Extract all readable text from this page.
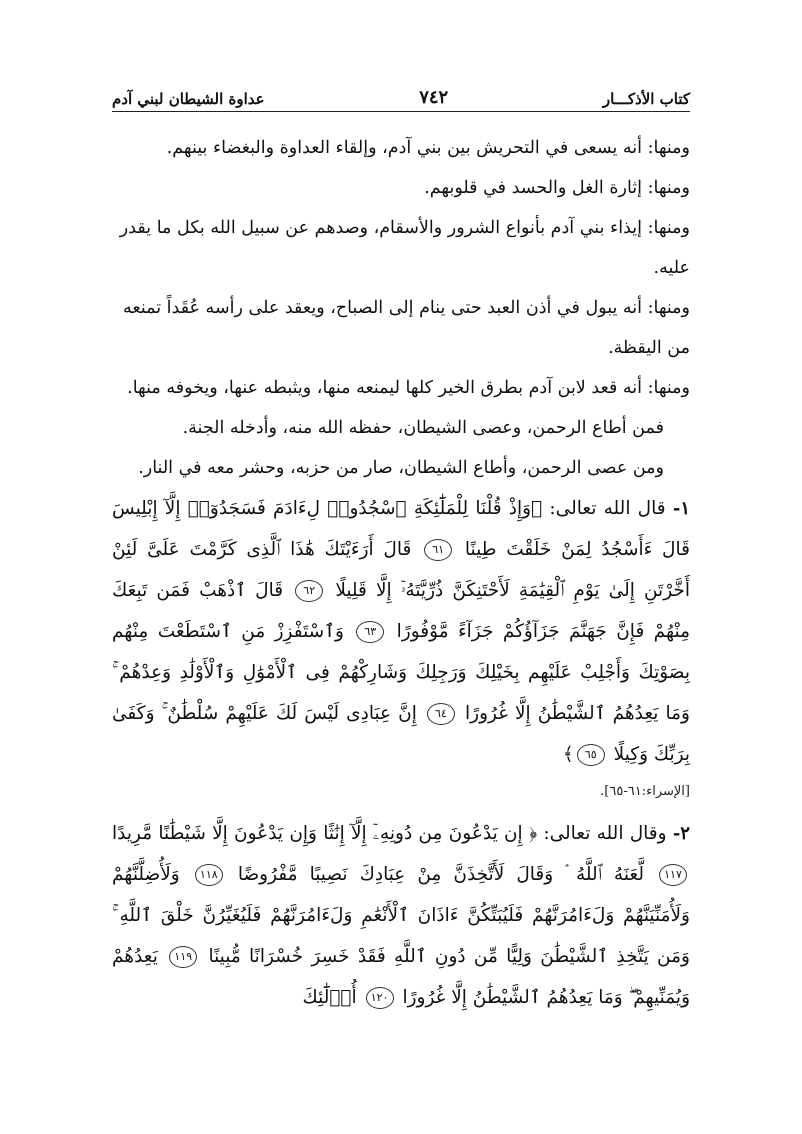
كتاب الأذكـــار
٧٤٢
عداوة الشيطان لبني آدم

ومنها: أنه يسعى في التحريش بين بني آدم، وإلقاء العداوة والبغضاء بينهم.

ومنها: إثارة الغل والحسد في قلوبهم.

ومنها: إيذاء بني آدم بأنواع الشرور والأسقام، وصدهم عن سبيل الله بكل ما يقدر عليه.

ومنها: أنه يبول في أذن العبد حتى ينام إلى الصباح، ويعقد على رأسه عُقَداً تمنعه من اليقظة.

ومنها: أنه قعد لابن آدم بطرق الخير كلها ليمنعه منها، ويثبطه عنها، ويخوفه منها.

فمن أطاع الرحمن، وعصى الشيطان، حفظه الله منه، وأدخله الجنة.

ومن عصى الرحمن، وأطاع الشيطان، صار من حزبه، وحشر معه في النار.

١- قال الله تعالى: ﴿وَإِذْ قُلْنَا لِلْمَلَٰٓئِكَةِ ٱسْجُدُوا۟ لِءَادَمَ فَسَجَدُوٓا۟ إِلَّآ إِبْلِيسَ قَالَ ءَأَسْجُدُ لِمَنْ خَلَقْتَ طِينًا ٦١ قَالَ أَرَءَيْتَكَ هَٰذَا ٱلَّذِى كَرَّمْتَ عَلَىَّ لَئِنْ أَخَّرْتَنِ إِلَىٰ يَوْمِ ٱلْقِيَٰمَةِ لَأَحْتَنِكَنَّ ذُرِّيَّتَهُۥٓ إِلَّا قَلِيلًا ٦٢ قَالَ ٱذْهَبْ فَمَن تَبِعَكَ مِنْهُمْ فَإِنَّ جَهَنَّمَ جَزَآؤُكُمْ جَزَآءً مَّوْفُورًا ٦٣ وَٱسْتَفْزِزْ مَنِ ٱسْتَطَعْتَ مِنْهُم بِصَوْتِكَ وَأَجْلِبْ عَلَيْهِم بِخَيْلِكَ وَرَجِلِكَ وَشَارِكْهُمْ فِى ٱلْأَمْوَٰلِ وَٱلْأَوْلَٰدِ وَعِدْهُمْ ۚ وَمَا يَعِدُهُمُ ٱلشَّيْطَٰنُ إِلَّا غُرُورًا ٦٤ إِنَّ عِبَادِى لَيْسَ لَكَ عَلَيْهِمْ سُلْطَٰنٌ ۚ وَكَفَىٰ بِرَبِّكَ وَكِيلًا ٦٥﴾

[الإسراء:٦١-٦٥].

٢- وقال الله تعالى: ﴿ إِن يَدْعُونَ مِن دُونِهِۦٓ إِلَّآ إِنَٰثًا وَإِن يَدْعُونَ إِلَّا شَيْطَٰنًا مَّرِيدًا ١١٧ لَّعَنَهُ ٱللَّهُ ۘ وَقَالَ لَأَتَّخِذَنَّ مِنْ عِبَادِكَ نَصِيبًا مَّفْرُوضًا ١١٨ وَلَأُضِلَّنَّهُمْ وَلَأُمَنِّيَنَّهُمْ وَلَءَامُرَنَّهُمْ فَلَيُبَتِّكُنَّ ءَاذَانَ ٱلْأَنْعَٰمِ وَلَءَامُرَنَّهُمْ فَلَيُغَيِّرُنَّ خَلْقَ ٱللَّهِ ۚ وَمَن يَتَّخِذِ ٱلشَّيْطَٰنَ وَلِيًّا مِّن دُونِ ٱللَّهِ فَقَدْ خَسِرَ خُسْرَانًا مُّبِينًا ١١٩ يَعِدُهُمْ وَيُمَنِّيهِمْ ۖ وَمَا يَعِدُهُمُ ٱلشَّيْطَٰنُ إِلَّا غُرُورًا ١٢٠ أُو۟لَٰٓئِكَ
